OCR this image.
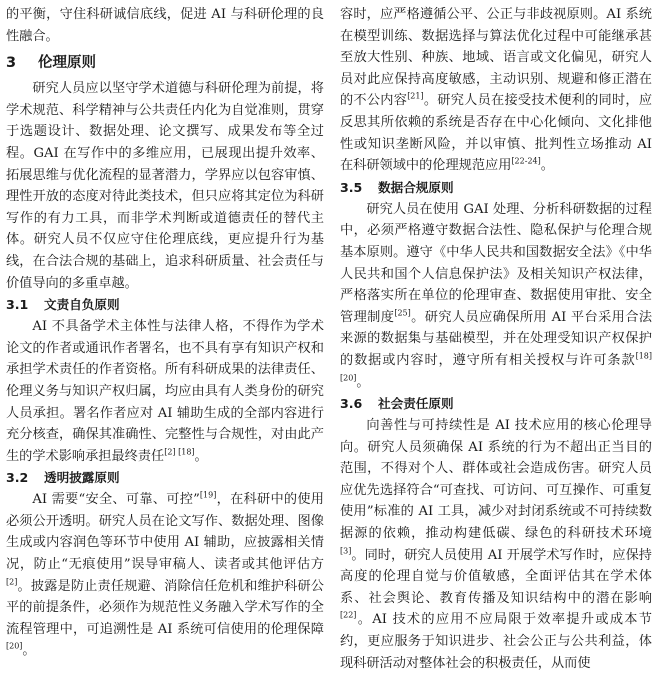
的平衡，守住科研诚信底线，促进 AI 与科研伦理的良性融合。

3 伦理原则

研究人员应以坚守学术道德与科研伦理为前提，将学术规范、科学精神与公共责任内化为自觉准则，贯穿于选题设计、数据处理、论文撰写、成果发布等全过程。GAI 在写作中的多维应用，已展现出提升效率、拓展思维与优化流程的显著潜力，学界应以包容审慎、理性开放的态度对待此类技术，但只应将其定位为科研写作的有力工具，而非学术判断或道德责任的替代主体。研究人员不仅应守住伦理底线，更应提升行为基线，在合法合规的基础上，追求科研质量、社会责任与价值导向的多重卓越。

3.1 文责自负原则

AI 不具备学术主体性与法律人格，不得作为学术论文的作者或通讯作者署名，也不具有享有知识产权和承担学术责任的作者资格。所有科研成果的法律责任、伦理义务与知识产权归属，均应由具有人类身份的研究人员承担。署名作者应对 AI 辅助生成的全部内容进行充分核查，确保其准确性、完整性与合规性，对由此产生的学术影响承担最终责任[2] [18]。

3.2 透明披露原则

AI 需要“安全、可靠、可控”[19]，在科研中的使用必须公开透明。研究人员在论文写作、数据处理、图像生成或内容润色等环节中使用 AI 辅助，应披露相关情况，防止“无痕使用”误导审稿人、读者或其他评估方[2]。披露是防止责任规避、消除信任危机和维护科研公平的前提条件，必须作为规范性义务融入学术写作的全流程管理中，可追溯性是 AI 系统可信使用的伦理保障[20]。

容时，应严格遵循公平、公正与非歧视原则。AI 系统在模型训练、数据选择与算法优化过程中可能继承甚至放大性别、种族、地域、语言或文化偏见，研究人员对此应保持高度敏感，主动识别、规避和修正潜在的不公内容[21]。研究人员在接受技术便利的同时，应反思其所依赖的系统是否存在中心化倾向、文化排他性或知识垄断风险，并以审慎、批判性立场推动 AI 在科研领域中的伦理规范应用[22-24]。

3.5 数据合规原则

研究人员在使用 GAI 处理、分析科研数据的过程中，必须严格遵守数据合法性、隐私保护与伦理合规基本原则。遵守《中华人民共和国数据安全法》《中华人民共和国个人信息保护法》及相关知识产权法律，严格落实所在单位的伦理审查、数据使用审批、安全管理制度[25]。研究人员应确保所用 AI 平台采用合法来源的数据集与基础模型，并在处理受知识产权保护的数据或内容时，遵守所有相关授权与许可条款[18][20]。

3.6 社会责任原则

向善性与可持续性是 AI 技术应用的核心伦理导向。研究人员须确保 AI 系统的行为不超出正当目的范围，不得对个人、群体或社会造成伤害。研究人员应优先选择符合“可查找、可访问、可互操作、可重复使用”标准的 AI 工具，减少对封闭系统或不可持续数据源的依赖，推动构建低碳、绿色的科研技术环境[3]。同时，研究人员使用 AI 开展学术写作时，应保持高度的伦理自觉与价值敏感，全面评估其在学术体系、社会舆论、教育传播及知识结构中的潜在影响[22]。AI 技术的应用不应局限于效率提升或成本节约，更应服务于知识进步、社会公正与公共利益，体现科研活动对整体社会的积极责任，从而使
